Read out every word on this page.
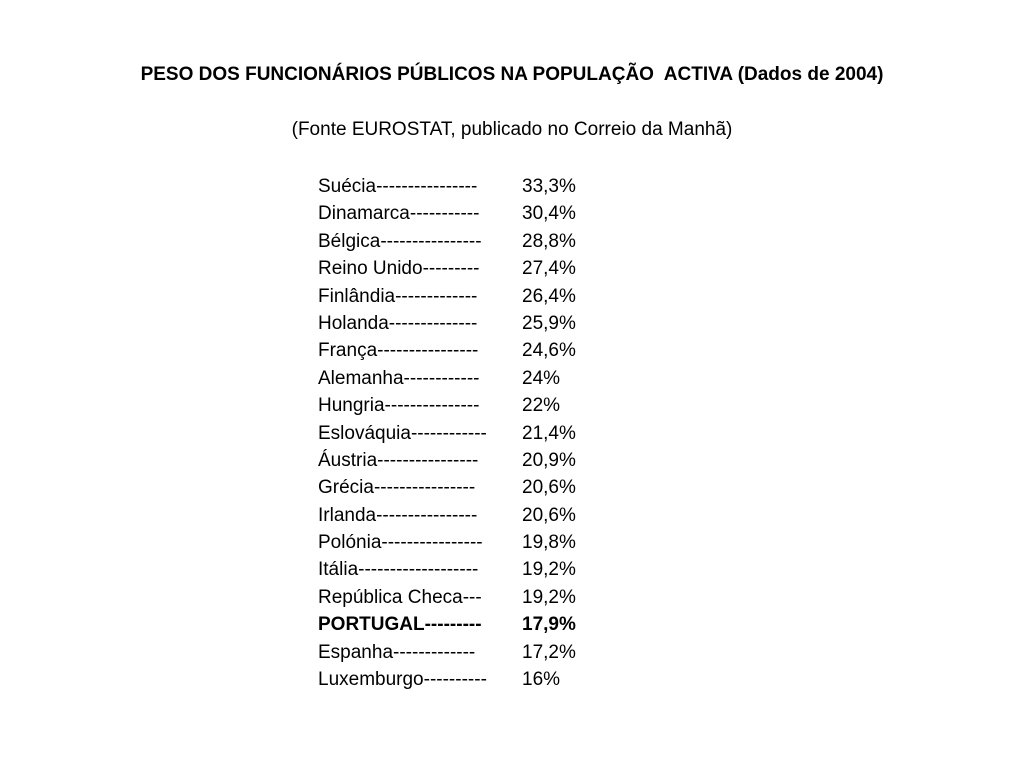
PESO DOS FUNCIONÁRIOS PÚBLICOS NA POPULAÇÃO  ACTIVA (Dados de 2004)
(Fonte EUROSTAT, publicado no Correio da Manhã)
Suécia---------------- 33,3%
Dinamarca----------- 30,4%
Bélgica---------------- 28,8%
Reino Unido--------- 27,4%
Finlândia------------- 26,4%
Holanda-------------- 25,9%
França---------------- 24,6%
Alemanha------------ 24%
Hungria--------------- 22%
Eslováquia------------ 21,4%
Áustria---------------- 20,9%
Grécia---------------- 20,6%
Irlanda---------------- 20,6%
Polónia---------------- 19,8%
Itália------------------- 19,2%
República Checa--- 19,2%
PORTUGAL--------- 17,9%
Espanha------------- 17,2%
Luxemburgo---------- 16%
